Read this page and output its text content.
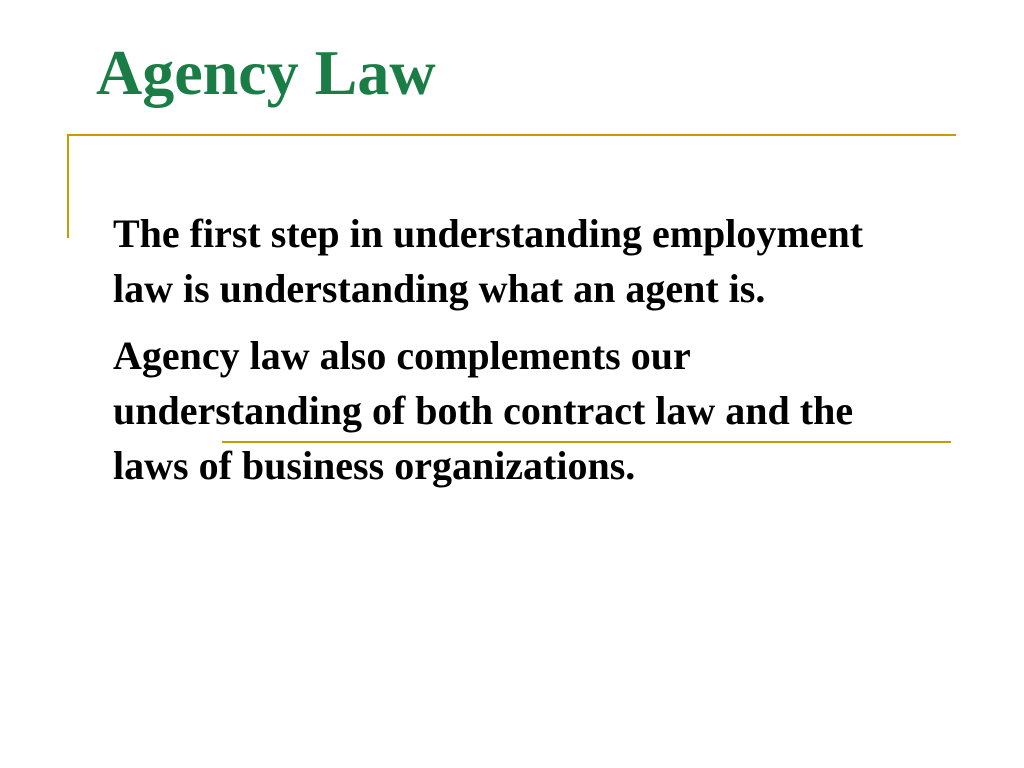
Agency Law

The first step in understanding employment law is understanding what an agent is.

Agency law also complements our understanding of both contract law and the laws of business organizations.
